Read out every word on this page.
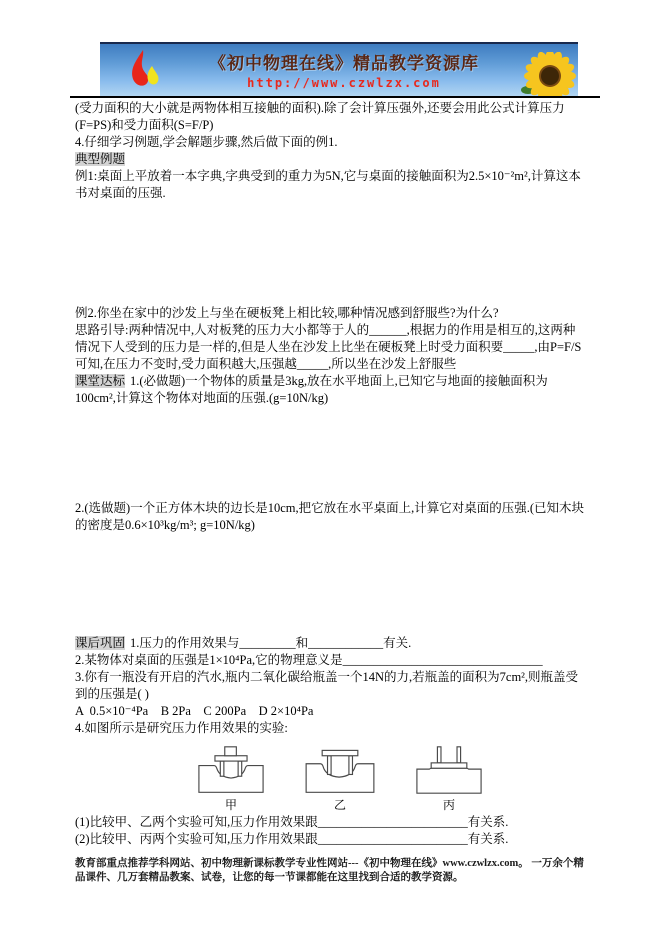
《初中物理在线》精品教学资源库
http://www.czwlzx.com

(受力面积的大小就是两物体相互接触的面积).除了会计算压强外,还要会用此公式计算压力(F=PS)和受力面积(S=F/P)

4.仔细学习例题,学会解题步骤,然后做下面的例1.

典型例题

例1:桌面上平放着一本字典,字典受到的重力为5N,它与桌面的接触面积为2.5×10⁻²m²,计算这本书对桌面的压强.

例2.你坐在家中的沙发上与坐在硬板凳上相比较,哪种情况感到舒服些?为什么?

思路引导:两种情况中,人对板凳的压力大小都等于人的______,根据力的作用是相互的,这两种情况下人受到的压力是一样的,但是人坐在沙发上比坐在硬板凳上时受力面积要_____,由P=F/S可知,在压力不变时,受力面积越大,压强越_____,所以坐在沙发上舒服些

课堂达标 1.(必做题)一个物体的质量是3kg,放在水平地面上,已知它与地面的接触面积为100cm²,计算这个物体对地面的压强.(g=10N/kg)

2.(选做题)一个正方体木块的边长是10cm,把它放在水平桌面上,计算它对桌面的压强.(已知木块的密度是0.6×10³kg/m³; g=10N/kg)

课后巩固 1.压力的作用效果与_________和____________有关.

2.某物体对桌面的压强是1×10⁴Pa,它的物理意义是________________________________

3.你有一瓶没有开启的汽水,瓶内二氧化碳给瓶盖一个14N的力,若瓶盖的面积为7cm²,则瓶盖受到的压强是( )

A  0.5×10⁻⁴Pa    B 2Pa    C 200Pa    D 2×10⁴Pa

4.如图所示是研究压力作用效果的实验:

甲	乙	丙

(1)比较甲、乙两个实验可知,压力作用效果跟________________________有关系.

(2)比较甲、丙两个实验可知,压力作用效果跟________________________有关系.

教育部重点推荐学科网站、初中物理新课标教学专业性网站---《初中物理在线》www.czwlzx.com。 一万余个精品课件、几万套精品教案、试卷，让您的每一节课都能在这里找到合适的教学资源。
